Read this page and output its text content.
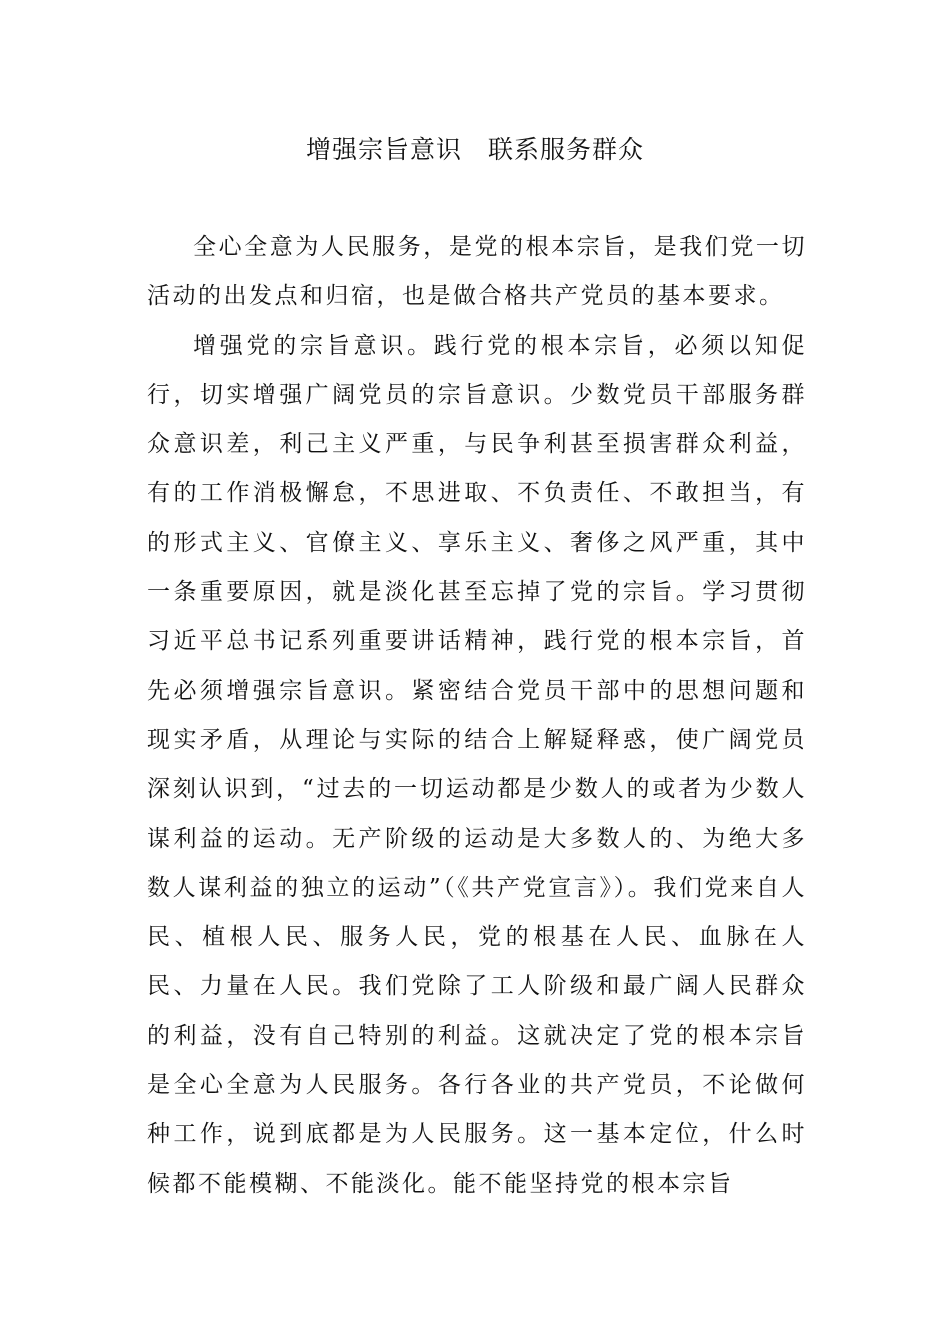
增强宗旨意识　联系服务群众

全心全意为人民服务，是党的根本宗旨，是我们党一切活动的出发点和归宿，也是做合格共产党员的基本要求。

增强党的宗旨意识。践行党的根本宗旨，必须以知促行，切实增强广阔党员的宗旨意识。少数党员干部服务群众意识差，利己主义严重，与民争利甚至损害群众利益，有的工作消极懈怠，不思进取、不负责任、不敢担当，有的形式主义、官僚主义、享乐主义、奢侈之风严重，其中一条重要原因，就是淡化甚至忘掉了党的宗旨。学习贯彻习近平总书记系列重要讲话精神，践行党的根本宗旨，首先必须增强宗旨意识。紧密结合党员干部中的思想问题和现实矛盾，从理论与实际的结合上解疑释惑，使广阔党员深刻认识到，“过去的一切运动都是少数人的或者为少数人谋利益的运动。无产阶级的运动是大多数人的、为绝大多数人谋利益的独立的运动”（《共产党宣言》）。我们党来自人民、植根人民、服务人民，党的根基在人民、血脉在人民、力量在人民。我们党除了工人阶级和最广阔人民群众的利益，没有自己特别的利益。这就决定了党的根本宗旨是全心全意为人民服务。各行各业的共产党员，不论做何种工作，说到底都是为人民服务。这一基本定位，什么时候都不能模糊、不能淡化。能不能坚持党的根本宗旨
